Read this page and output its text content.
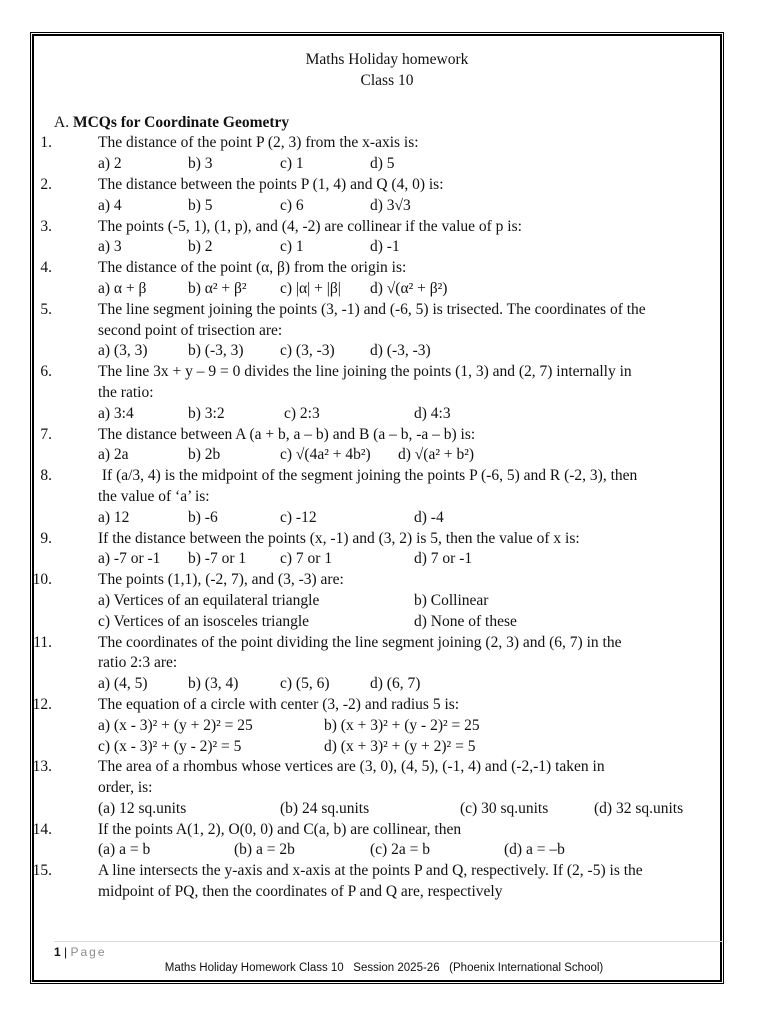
Maths Holiday homework
Class 10
A. MCQs for Coordinate Geometry
1.	The distance of the point P (2, 3) from the x-axis is:
a) 2	b) 3	c) 1	d) 5
2.	The distance between the points P (1, 4) and Q (4, 0) is:
a) 4	b) 5	c) 6	d) 3√3
3.	The points (-5, 1), (1, p), and (4, -2) are collinear if the value of p is:
a) 3	b) 2	c) 1	d) -1
4.	The distance of the point (α, β) from the origin is:
a) α + β	b) α² + β² c) |α| + |β| d) √(α² + β²)
5.	The line segment joining the points (3, -1) and (-6, 5) is trisected. The coordinates of the
second point of trisection are:
a) (3, 3)	b) (-3, 3) c) (3, -3) d) (-3, -3)
6.	The line 3x + y – 9 = 0 divides the line joining the points (1, 3) and (2, 7) internally in
the ratio:
a) 3:4	b) 3:2	c) 2:3	d) 4:3
7.	The distance between A (a + b, a – b) and B (a – b, -a – b) is:
a) 2a	b) 2b	c) √(4a² + 4b²) d) √(a² + b²)
8.	If (a/3, 4) is the midpoint of the segment joining the points P (-6, 5) and R (-2, 3), then
the value of ‘a’ is:
a) 12	b) -6	c) -12	d) -4
9.	If the distance between the points (x, -1) and (3, 2) is 5, then the value of x is:
a) -7 or -1 b) -7 or 1 c) 7 or 1	d) 7 or -1
10.	The points (1,1), (-2, 7), and (3, -3) are:
a) Vertices of an equilateral triangle	b) Collinear
c) Vertices of an isosceles triangle	d) None of these
11.	The coordinates of the point dividing the line segment joining (2, 3) and (6, 7) in the
ratio 2:3 are:
a) (4, 5)	b) (3, 4)	c) (5, 6)	d) (6, 7)
12.	The equation of a circle with center (3, -2) and radius 5 is:
a) (x - 3)² + (y + 2)² = 25	b) (x + 3)² + (y - 2)² = 25
c) (x - 3)² + (y - 2)² = 5	d) (x + 3)² + (y + 2)² = 5
13.	The area of a rhombus whose vertices are (3, 0), (4, 5), (-1, 4) and (-2,-1) taken in
order, is:
(a) 12 sq.units	(b) 24 sq.units	(c) 30 sq.units	(d) 32 sq.units
14.	If the points A(1, 2), O(0, 0) and C(a, b) are collinear, then
(a) a = b	(b) a = 2b	(c) 2a = b	(d) a = –b
15.	A line intersects the y-axis and x-axis at the points P and Q, respectively. If (2, -5) is the
midpoint of PQ, then the coordinates of P and Q are, respectively
1 | Page
Maths Holiday Homework Class 10   Session 2025-26   (Phoenix International School)
